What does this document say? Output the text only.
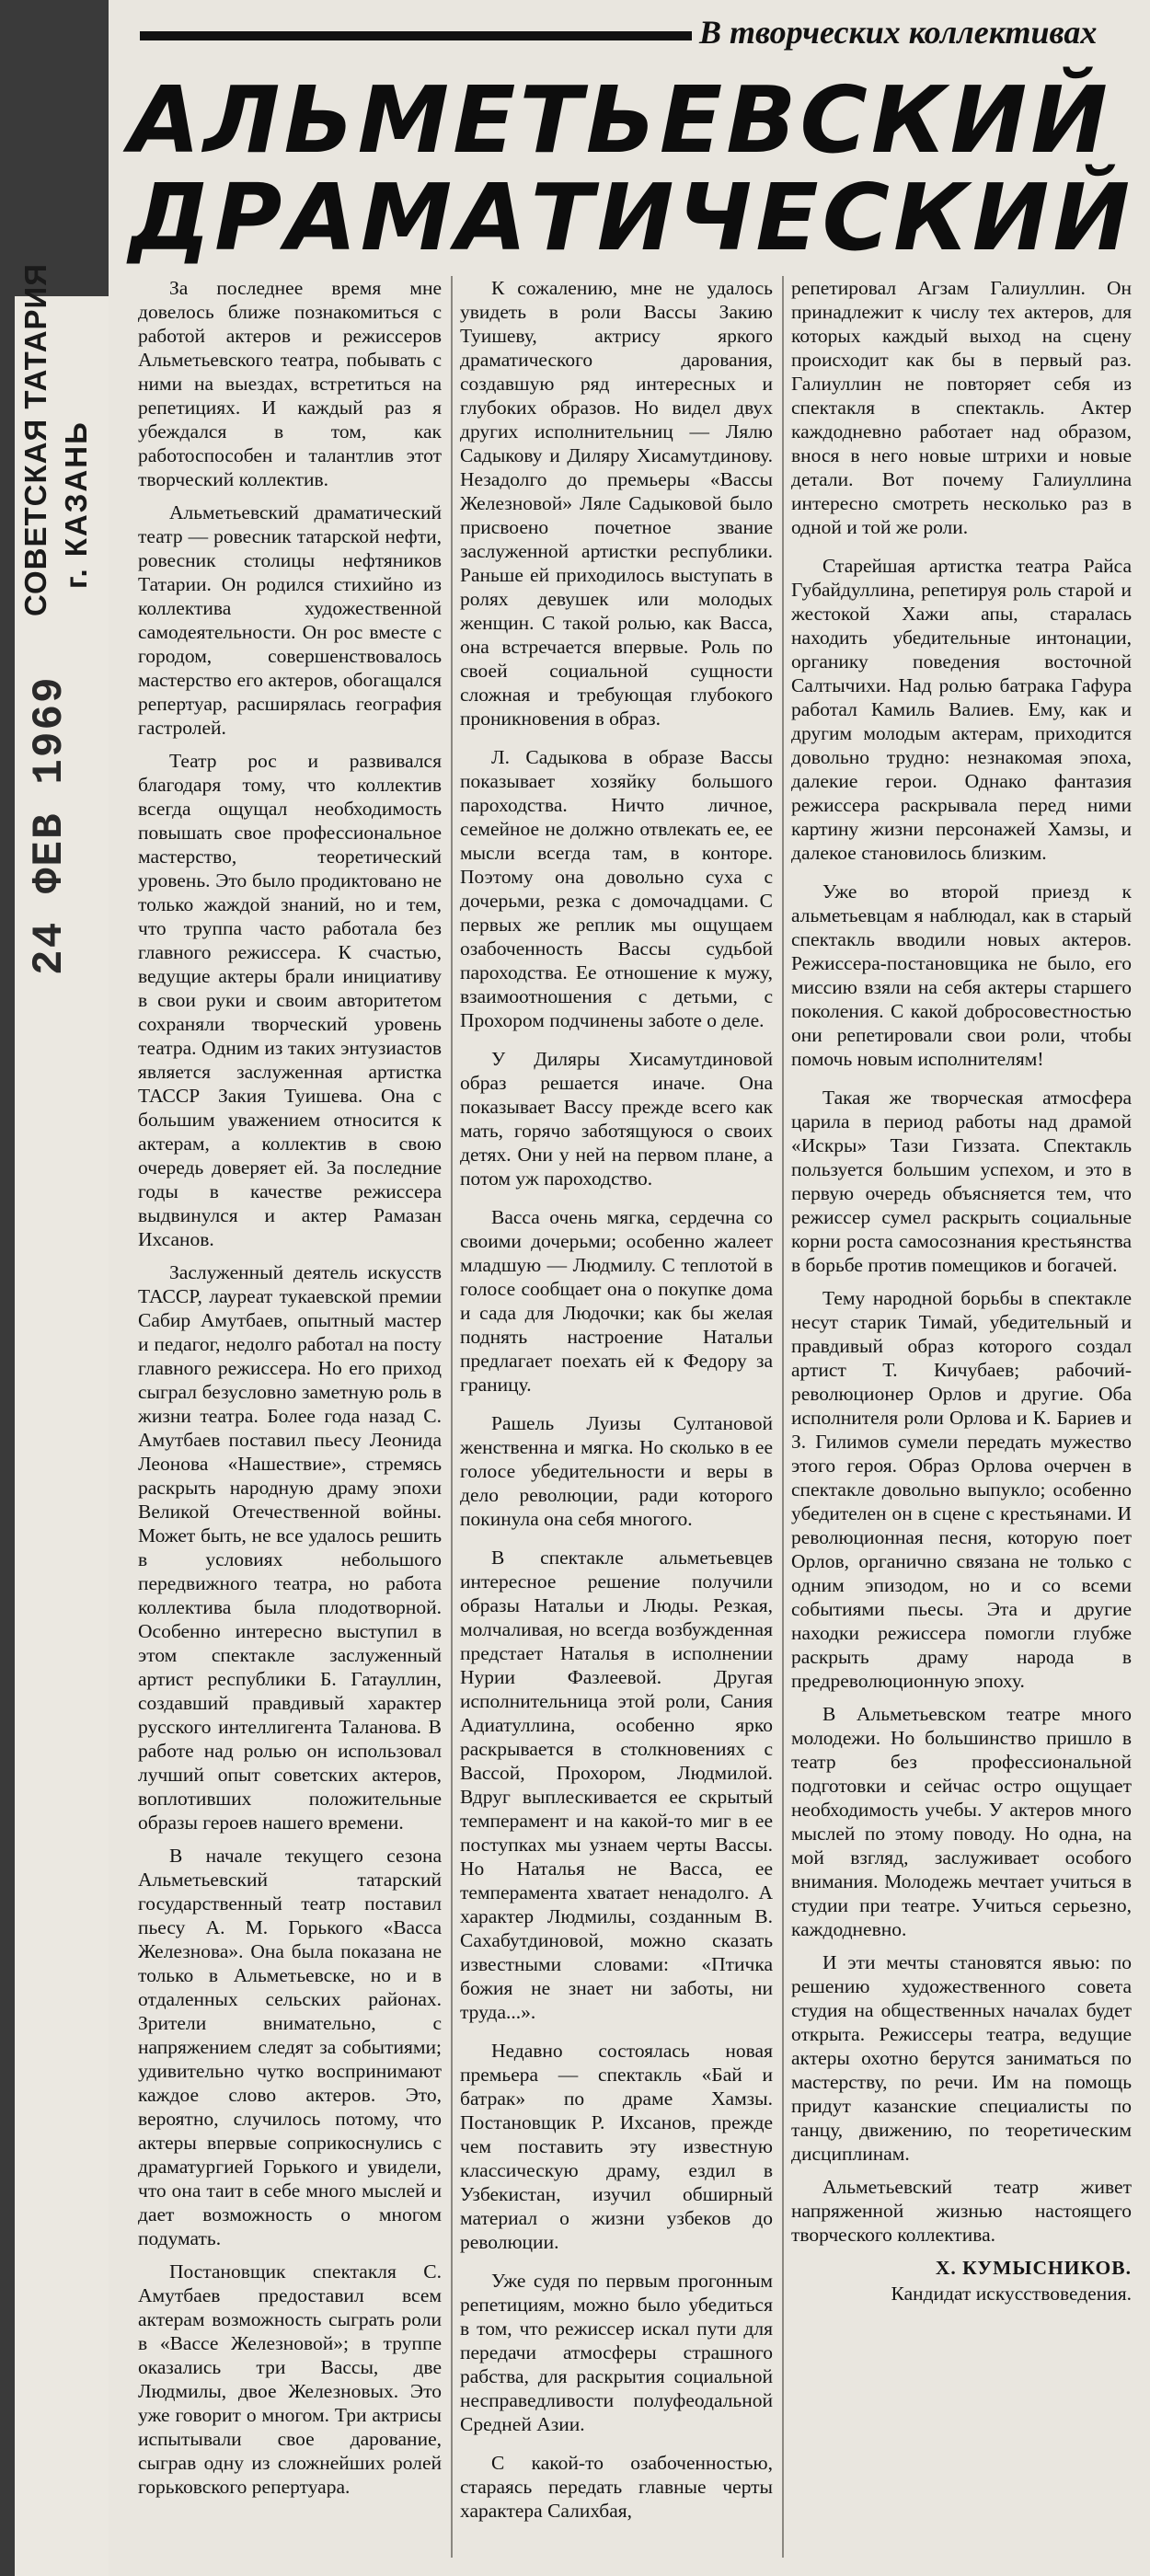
СОВЕТСКАЯ ТАТАРИЯ г. КАЗАНЬ
24 ФЕВ 1969
В творческих коллективах
АЛЬМЕТЬЕВСКИЙ
ДРАМАТИЧЕСКИЙ

За последнее время мне довелось ближе познакомиться с работой актеров и режиссеров Альметьевского театра, побывать с ними на выездах, встретиться на репетициях. И каждый раз я убеждался в том, как работоспособен и талантлив этот творческий коллектив.

Альметьевский драматический театр — ровесник татарской нефти, ровесник столицы нефтяников Татарии. Он родился стихийно из коллектива художественной самодеятельности. Он рос вместе с городом, совершенствовалось мастерство его актеров, обогащался репертуар, расширялась география гастролей.

Театр рос и развивался благодаря тому, что коллектив всегда ощущал необходимость повышать свое профессиональное мастерство, теоретический уровень. Это было продиктовано не только жаждой знаний, но и тем, что труппа часто работала без главного режиссера. К счастью, ведущие актеры брали инициативу в свои руки и своим авторитетом сохраняли творческий уровень театра. Одним из таких энтузиастов является заслуженная артистка ТАССР Закия Туишева. Она с большим уважением относится к актерам, а коллектив в свою очередь доверяет ей. За последние годы в качестве режиссера выдвинулся и актер Рамазан Ихсанов.

Заслуженный деятель искусств ТАССР, лауреат тукаевской премии Сабир Амутбаев, опытный мастер и педагог, недолго работал на посту главного режиссера. Но его приход сыграл безусловно заметную роль в жизни театра. Более года назад С. Амутбаев поставил пьесу Леонида Леонова «Нашествие», стремясь раскрыть народную драму эпохи Великой Отечественной войны. Может быть, не все удалось решить в условиях небольшого передвижного театра, но работа коллектива была плодотворной. Особенно интересно выступил в этом спектакле заслуженный артист республики Б. Гатауллин, создавший правдивый характер русского интеллигента Таланова. В работе над ролью он использовал лучший опыт советских актеров, воплотивших положительные образы героев нашего времени.

В начале текущего сезона Альметьевский татарский государственный театр поставил пьесу А. М. Горького «Васса Железнова». Она была показана не только в Альметьевске, но и в отдаленных сельских районах. Зрители внимательно, с напряжением следят за событиями; удивительно чутко воспринимают каждое слово актеров. Это, вероятно, случилось потому, что актеры впервые соприкоснулись с драматургией Горького и увидели, что она таит в себе много мыслей и дает возможность о многом подумать.

Постановщик спектакля С. Амутбаев предоставил всем актерам возможность сыграть роли в «Вассе Железновой»; в труппе оказались три Вассы, две Людмилы, двое Железновых. Это уже говорит о многом. Три актрисы испытывали свое дарование, сыграв одну из сложнейших ролей горьковского репертуара.

К сожалению, мне не удалось увидеть в роли Вассы Закию Туишеву, актрису яркого драматического дарования, создавшую ряд интересных и глубоких образов. Но видел двух других исполнительниц — Лялю Садыкову и Диляру Хисамутдинову. Незадолго до премьеры «Вассы Железновой» Ляле Садыковой было присвоено почетное звание заслуженной артистки республики. Раньше ей приходилось выступать в ролях девушек или молодых женщин. С такой ролью, как Васса, она встречается впервые. Роль по своей социальной сущности сложная и требующая глубокого проникновения в образ.

Л. Садыкова в образе Вассы показывает хозяйку большого пароходства. Ничто личное, семейное не должно отвлекать ее, ее мысли всегда там, в конторе. Поэтому она довольно суха с дочерьми, резка с домочадцами. С первых же реплик мы ощущаем озабоченность Вассы судьбой пароходства. Ее отношение к мужу, взаимоотношения с детьми, с Прохором подчинены заботе о деле.

У Диляры Хисамутдиновой образ решается иначе. Она показывает Вассу прежде всего как мать, горячо заботящуюся о своих детях. Они у ней на первом плане, а потом уж пароходство.

Васса очень мягка, сердечна со своими дочерьми; особенно жалеет младшую — Людмилу. С теплотой в голосе сообщает она о покупке дома и сада для Людочки; как бы желая поднять настроение Натальи предлагает поехать ей к Федору за границу.

Рашель Луизы Султановой женственна и мягка. Но сколько в ее голосе убедительности и веры в дело революции, ради которого покинула она себя многого.

В спектакле альметьевцев интересное решение получили образы Натальи и Люды. Резкая, молчаливая, но всегда возбужденная предстает Наталья в исполнении Нурии Фазлеевой. Другая исполнительница этой роли, Сания Адиатуллина, особенно ярко раскрывается в столкновениях с Вассой, Прохором, Людмилой. Вдруг выплескивается ее скрытый темперамент и на какой-то миг в ее поступках мы узнаем черты Вассы. Но Наталья не Васса, ее темперамента хватает ненадолго. А характер Людмилы, созданным В. Сахабутдиновой, можно сказать известными словами: «Птичка божия не знает ни заботы, ни труда...».

Недавно состоялась новая премьера — спектакль «Бай и батрак» по драме Хамзы. Постановщик Р. Ихсанов, прежде чем поставить эту известную классическую драму, ездил в Узбекистан, изучил обширный материал о жизни узбеков до революции.

Уже судя по первым прогонным репетициям, можно было убедиться в том, что режиссер искал пути для передачи атмосферы страшного рабства, для раскрытия социальной несправедливости полуфеодальной Средней Азии.

С какой-то озабоченностью, стараясь передать главные черты характера Салихбая,

репетировал Агзам Галиуллин. Он принадлежит к числу тех актеров, для которых каждый выход на сцену происходит как бы в первый раз. Галиуллин не повторяет себя из спектакля в спектакль. Актер каждодневно работает над образом, внося в него новые штрихи и новые детали. Вот почему Галиуллина интересно смотреть несколько раз в одной и той же роли.

Старейшая артистка театра Райса Губайдуллина, репетируя роль старой и жестокой Хажи апы, старалась находить убедительные интонации, органику поведения восточной Салтычихи. Над ролью батрака Гафура работал Камиль Валиев. Ему, как и другим молодым актерам, приходится довольно трудно: незнакомая эпоха, далекие герои. Однако фантазия режиссера раскрывала перед ними картину жизни персонажей Хамзы, и далекое становилось близким.

Уже во второй приезд к альметьевцам я наблюдал, как в старый спектакль вводили новых актеров. Режиссера-постановщика не было, его миссию взяли на себя актеры старшего поколения. С какой добросовестностью они репетировали свои роли, чтобы помочь новым исполнителям!

Такая же творческая атмосфера царила в период работы над драмой «Искры» Тази Гиззата. Спектакль пользуется большим успехом, и это в первую очередь объясняется тем, что режиссер сумел раскрыть социальные корни роста самосознания крестьянства в борьбе против помещиков и богачей.

Тему народной борьбы в спектакле несут старик Тимай, убедительный и правдивый образ которого создал артист Т. Кичубаев; рабочий-революционер Орлов и другие. Оба исполнителя роли Орлова и К. Бариев и З. Гилимов сумели передать мужество этого героя. Образ Орлова очерчен в спектакле довольно выпукло; особенно убедителен он в сцене с крестьянами. И революционная песня, которую поет Орлов, органично связана не только с одним эпизодом, но и со всеми событиями пьесы. Эта и другие находки режиссера помогли глубже раскрыть драму народа в предреволюционную эпоху.

В Альметьевском театре много молодежи. Но большинство пришло в театр без профессиональной подготовки и сейчас остро ощущает необходимость учебы. У актеров много мыслей по этому поводу. Но одна, на мой взгляд, заслуживает особого внимания. Молодежь мечтает учиться в студии при театре. Учиться серьезно, каждодневно.

И эти мечты становятся явью: по решению художественного совета студия на общественных началах будет открыта. Режиссеры театра, ведущие актеры охотно берутся заниматься по мастерству, по речи. Им на помощь придут казанские специалисты по танцу, движению, по теоретическим дисциплинам.

Альметьевский театр живет напряженной жизнью настоящего творческого коллектива.

Х. КУМЫСНИКОВ.

Кандидат искусствоведения.
